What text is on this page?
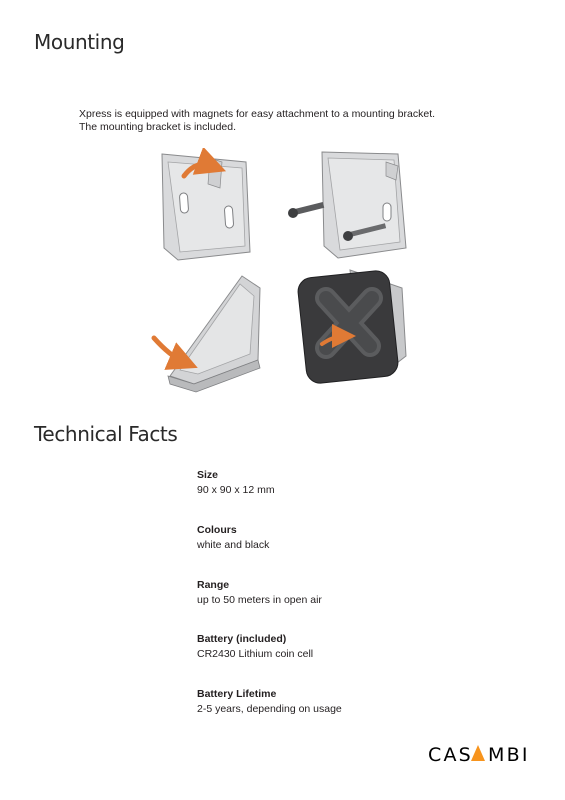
Mounting
Xpress is equipped with magnets for easy attachment to a mounting bracket.
The mounting bracket is included.
Technical Facts
Size
90 x 90 x 12 mm
Colours
white and black
Range
up to 50 meters in open air
Battery (included)
CR2430 Lithium coin cell
Battery Lifetime
2-5 years, depending on usage
CAS MBI
